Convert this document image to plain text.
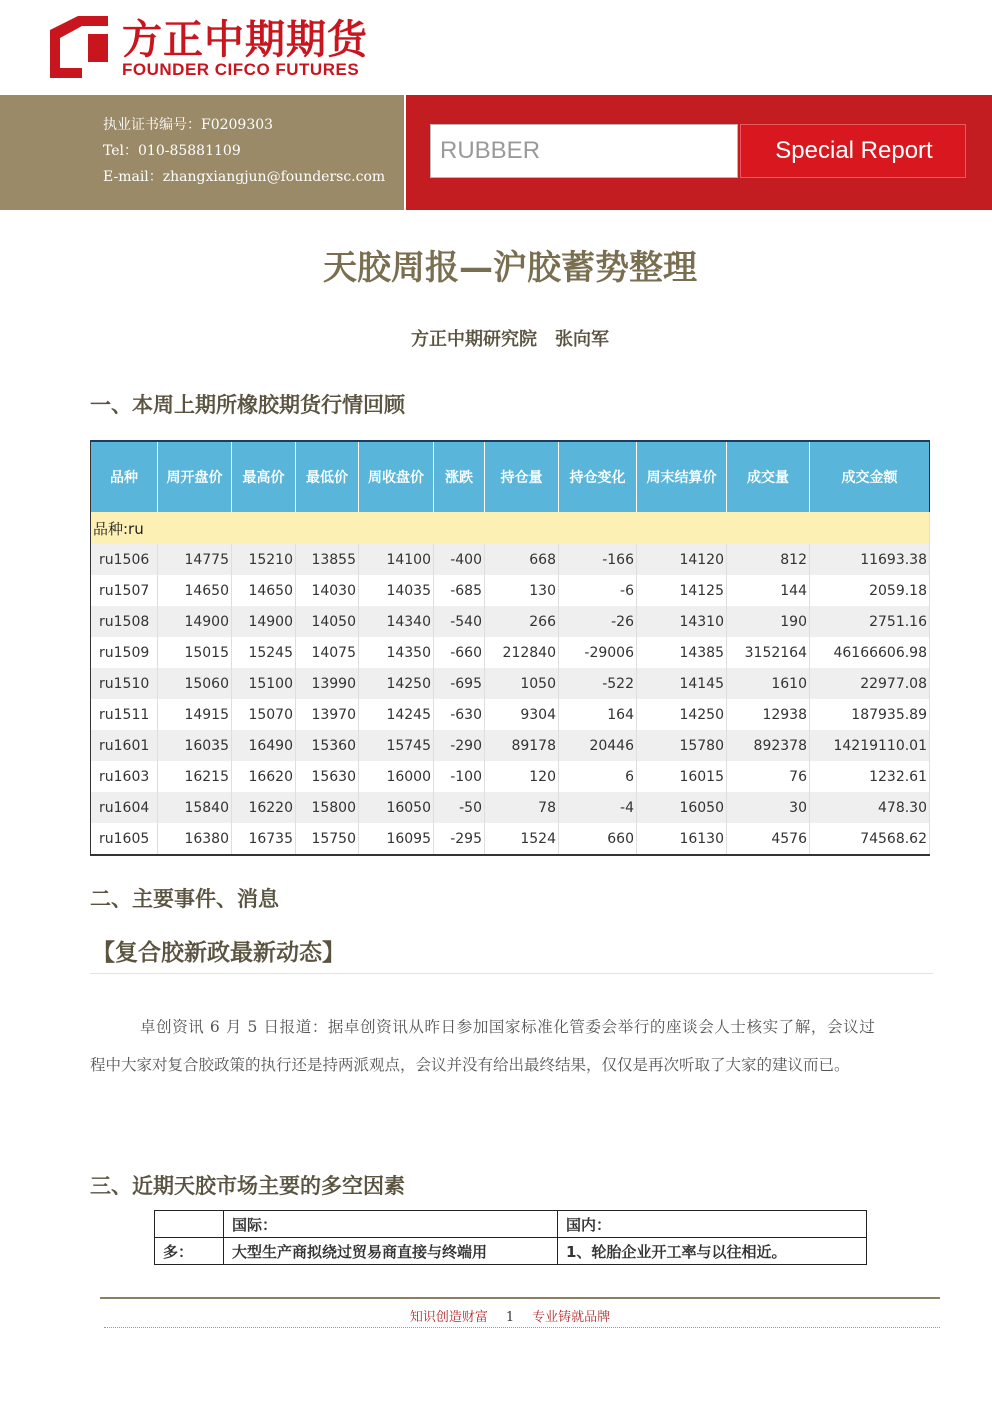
方正中期期货
FOUNDER CIFCO FUTURES
执业证书编号：F0209303
Tel：010-85881109
E-mail：zhangxiangjun@foundersc.com
RUBBER	Special Report
天胶周报—沪胶蓄势整理
方正中期研究院　张向军
一、本周上期所橡胶期货行情回顾
品种	周开盘价	最高价	最低价	周收盘价	涨跌	持仓量	持仓变化	周末结算价	成交量	成交金额
品种:ru										
ru1506	14775	15210	13855	14100	-400	668	-166	14120	812	11693.38
ru1507	14650	14650	14030	14035	-685	130	-6	14125	144	2059.18
ru1508	14900	14900	14050	14340	-540	266	-26	14310	190	2751.16
ru1509	15015	15245	14075	14350	-660	212840	-29006	14385	3152164	46166606.98
ru1510	15060	15100	13990	14250	-695	1050	-522	14145	1610	22977.08
ru1511	14915	15070	13970	14245	-630	9304	164	14250	12938	187935.89
ru1601	16035	16490	15360	15745	-290	89178	20446	15780	892378	14219110.01
ru1603	16215	16620	15630	16000	-100	120	6	16015	76	1232.61
ru1604	15840	16220	15800	16050	-50	78	-4	16050	30	478.30
ru1605	16380	16735	15750	16095	-295	1524	660	16130	4576	74568.62
二、主要事件、消息
【复合胶新政最新动态】
卓创资讯 6 月 5 日报道：据卓创资讯从昨日参加国家标准化管委会举行的座谈会人士核实了解，会议过
程中大家对复合胶政策的执行还是持两派观点，会议并没有给出最终结果，仅仅是再次听取了大家的建议而已。
三、近期天胶市场主要的多空因素
	国际：	国内：
多：	大型生产商拟绕过贸易商直接与终端用	1、轮胎企业开工率与以往相近。
知识创造财富 1 专业铸就品牌
